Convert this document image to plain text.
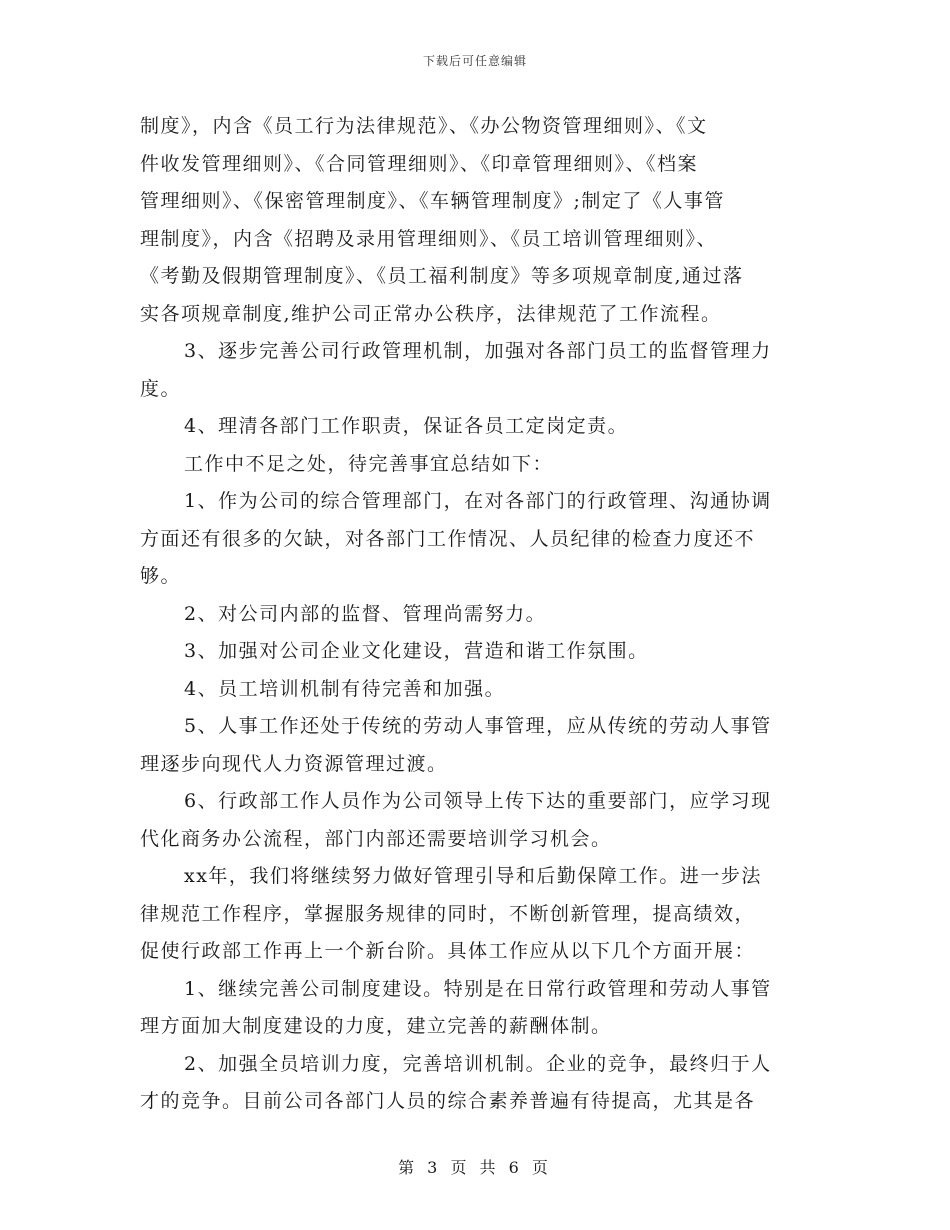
下载后可任意编辑
制度》，内含《员工行为法律规范》、《办公物资管理细则》、《文
件收发管理细则》、《合同管理细则》、《印章管理细则》、《档案
管理细则》、《保密管理制度》、《车辆管理制度》;制定了《人事管
理制度》，内含《招聘及录用管理细则》、《员工培训管理细则》、
《考勤及假期管理制度》、《员工福利制度》等多项规章制度,通过落
实各项规章制度,维护公司正常办公秩序，法律规范了工作流程。
3、逐步完善公司行政管理机制，加强对各部门员工的监督管理力
度。
4、理清各部门工作职责，保证各员工定岗定责。
工作中不足之处，待完善事宜总结如下：
1、作为公司的综合管理部门，在对各部门的行政管理、沟通协调
方面还有很多的欠缺，对各部门工作情况、人员纪律的检查力度还不
够。
2、对公司内部的监督、管理尚需努力。
3、加强对公司企业文化建设，营造和谐工作氛围。
4、员工培训机制有待完善和加强。
5、人事工作还处于传统的劳动人事管理，应从传统的劳动人事管
理逐步向现代人力资源管理过渡。
6、行政部工作人员作为公司领导上传下达的重要部门，应学习现
代化商务办公流程，部门内部还需要培训学习机会。
xx年，我们将继续努力做好管理引导和后勤保障工作。进一步法
律规范工作程序，掌握服务规律的同时，不断创新管理，提高绩效，
促使行政部工作再上一个新台阶。具体工作应从以下几个方面开展：
1、继续完善公司制度建设。特别是在日常行政管理和劳动人事管
理方面加大制度建设的力度，建立完善的薪酬体制。
2、加强全员培训力度，完善培训机制。企业的竞争，最终归于人
才的竞争。目前公司各部门人员的综合素养普遍有待提高，尤其是各
第 3 页 共 6 页
